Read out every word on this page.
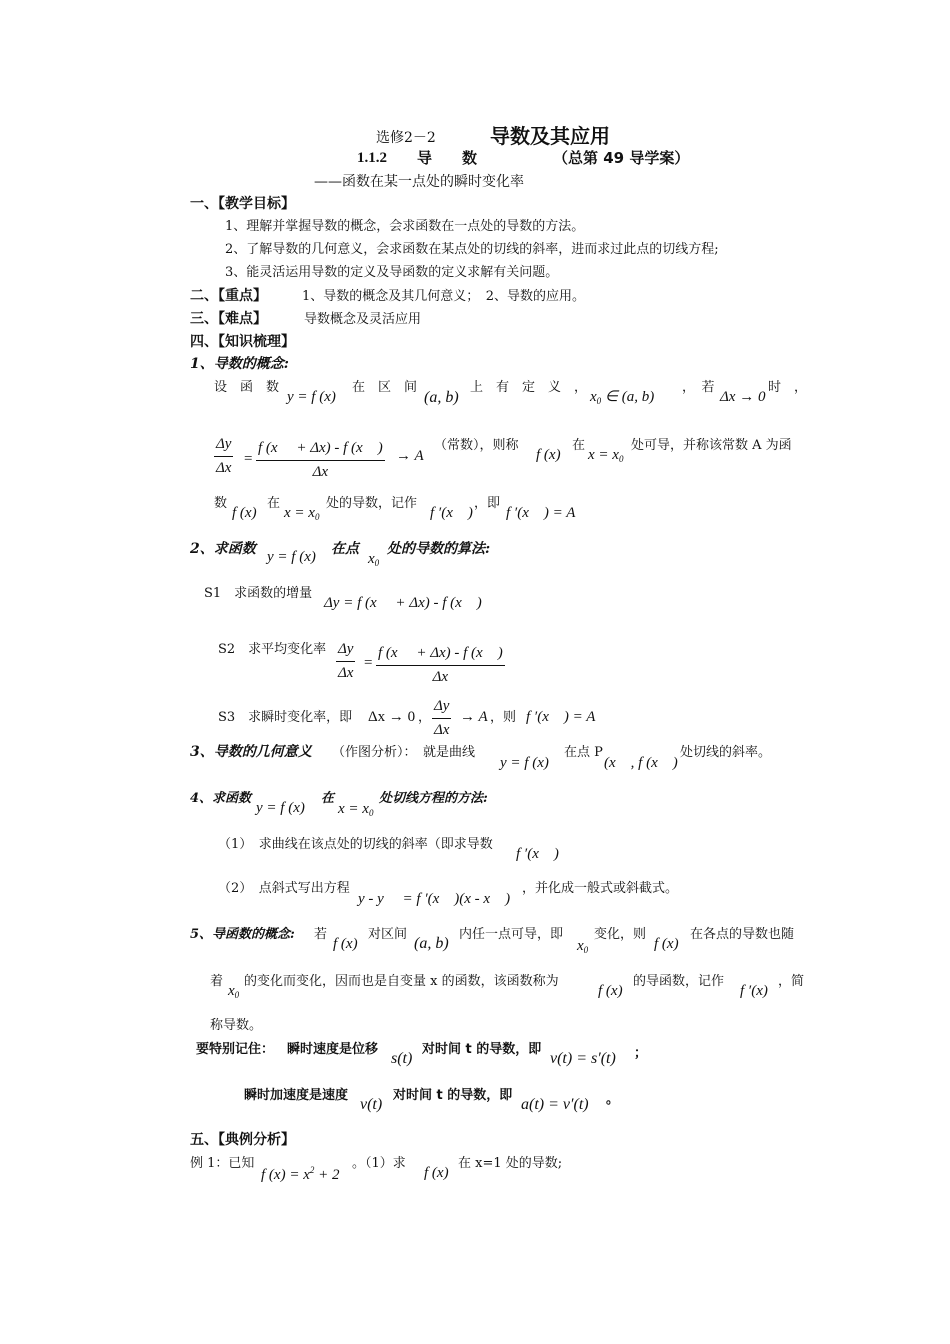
选修2－2	导数及其应用
1.1.2 导　　数	（总第 49 导学案）
——函数在某一点处的瞬时变化率
一、【教学目标】
1、理解并掌握导数的概念，会求函数在一点处的导数的方法。
2、了解导数的几何意义，会求函数在某点处的切线的斜率，进而求过此点的切线方程;
3、能灵活运用导数的定义及导函数的定义求解有关问题。
二、【重点】	1、导数的概念及其几何意义；　2、导数的应用。
三、【难点】	导数概念及灵活应用
四、【知识梳理】
1、导数的概念:
设　函　数
y = f (x)
在　区　间
(a, b)
上　有　定　义　，
$x_0$ ∈ (a, b)
，　若
Δx → 0
时　，
$\frac{\Delta y}{\Delta x} = \frac{f (x + \Delta x) - f (x )}{\Delta x} \to A$
（常数），则称
f (x)
在
$x = x_0$
处可导，并称该常数 A 为函
数
f (x)
在
$x = x_0$
处的导数，记作
f ′(x　)
，即
f ′(x　) = A
2、求函数 y = f (x) 在点
$x_0$
处的导数的算法:
S1　求函数的增量
Δy = f (x　 + Δx) - f (x　)
S2　求平均变化率 $\frac{\Delta y}{\Delta x} = \frac{f (x + \Delta x) - f (x )}{\Delta x}$
S3　求瞬时变化率，即 Δx → 0 ， $\frac{\Delta y}{\Delta x} \to A$ ，则 f ′(x　) = A
3、导数的几何意义 （作图分析）：　就是曲线
y = f (x)
在点 P
(x　, f (x　)
处切线的斜率。
4、求函数
y = f (x)
在
$x = x_0$
处切线方程的方法:
（1）　求曲线在该点处的切线的斜率（即求导数
f ′(x　)
（2）　点斜式写出方程
y - y　 = f ′(x　)(x - x　)
，并化成一般式或斜截式。
5、导函数的概念: 若
f (x)
对区间
(a, b)
内任一点可导，即
$x_0$
变化，则
f (x)
在各点的导数也随
着
$x_0$
的变化而变化，因而也是自变量 x 的函数，该函数称为
f (x)
的导函数，记作
f ′(x)
，简
称导数。
要特别记住： 瞬时速度是位移
s(t)
对时间 t 的导数，即
v(t) = s′(t) ；
瞬时加速度是速度
v(t)
对时间 t 的导数，即
a(t) = v′(t) 。
五、【典例分析】
例 1：已知
f $(x) = x^2 + 2$
。（1）求
f (x)
在 x=1 处的导数;
